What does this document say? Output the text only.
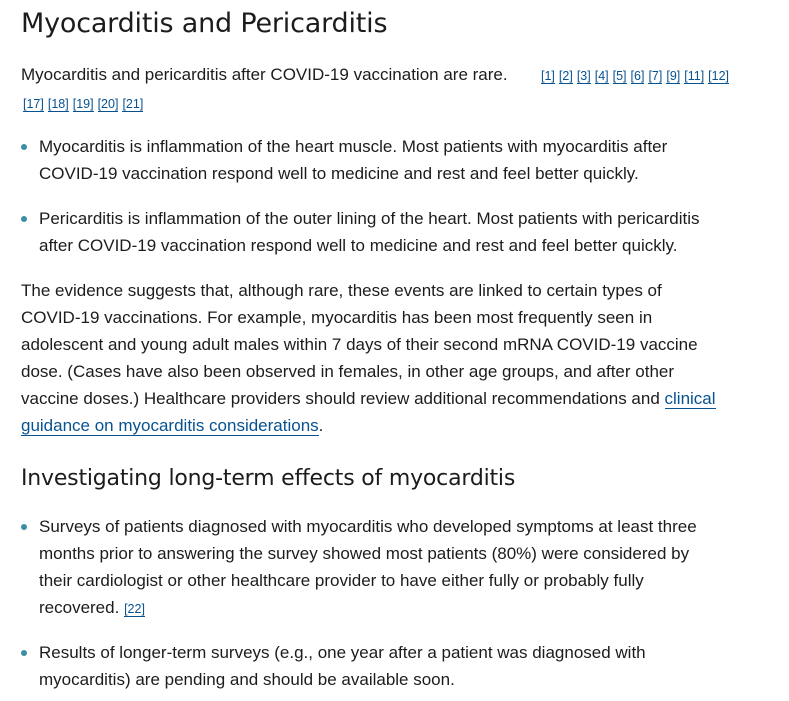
Myocarditis and Pericarditis

Myocarditis and pericarditis after COVID-19 vaccination are rare.	[1] [2] [3] [4] [5] [6] [7] [9] [11] [12]
[17] [18] [19] [20] [21]
Myocarditis is inflammation of the heart muscle. Most patients with myocarditis after
COVID-19 vaccination respond well to medicine and rest and feel better quickly.
Pericarditis is inflammation of the outer lining of the heart. Most patients with pericarditis
after COVID-19 vaccination respond well to medicine and rest and feel better quickly.
The evidence suggests that, although rare, these events are linked to certain types of
COVID-19 vaccinations. For example, myocarditis has been most frequently seen in
adolescent and young adult males within 7 days of their second mRNA COVID-19 vaccine
dose. (Cases have also been observed in females, in other age groups, and after other
vaccine doses.) Healthcare providers should review additional recommendations and clinical
guidance on myocarditis considerations.
Investigating long-term effects of myocarditis
Surveys of patients diagnosed with myocarditis who developed symptoms at least three
months prior to answering the survey showed most patients (80%) were considered by
their cardiologist or other healthcare provider to have either fully or probably fully
recovered. [22]
Results of longer-term surveys (e.g., one year after a patient was diagnosed with
myocarditis) are pending and should be available soon.
